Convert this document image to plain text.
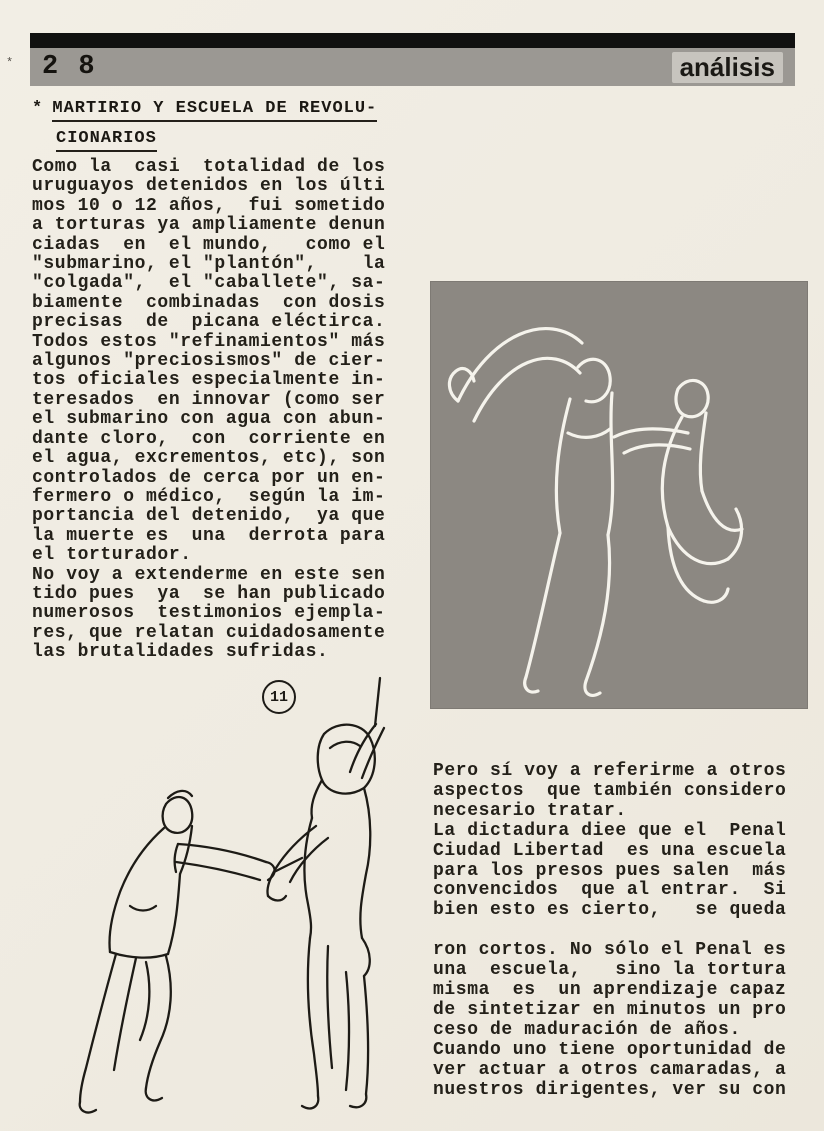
* 2 8	análisis
* MARTIRIO Y ESCUELA DE REVOLU-
CIONARIOS
Como la  casi  totalidad de los
uruguayos detenidos en los últi
mos 10 o 12 años,  fui sometido
a torturas ya ampliamente denun
ciadas  en  el mundo,   como el
"submarino, el "plantón",    la
"colgada",  el "caballete", sa-
biamente  combinadas  con dosis
precisas  de  picana eléctirca.
Todos estos "refinamientos" más
algunos "preciosismos" de cier-
tos oficiales especialmente in-
teresados  en innovar (como ser
el submarino con agua con abun-
dante cloro,  con  corriente en
el agua, excrementos, etc), son
controlados de cerca por un en-
fermero o médico,  según la im-
portancia del detenido,  ya que
la muerte es  una  derrota para
el torturador.
No voy a extenderme en este sen
tido pues  ya  se han publicado
numerosos  testimonios ejempla-
res, que relatan cuidadosamente
las brutalidades sufridas.
11
Pero sí voy a referirme a otros
aspectos  que también considero
necesario tratar.
La dictadura diee que el  Penal
Ciudad Libertad  es una escuela
para los presos pues salen  más
convencidos  que al entrar.  Si
bien esto es cierto,   se queda

ron cortos. No sólo el Penal es
una  escuela,   sino la tortura
misma  es  un aprendizaje capaz
de sintetizar en minutos un pro
ceso de maduración de años.
Cuando uno tiene oportunidad de
ver actuar a otros camaradas, a
nuestros dirigentes, ver su con
